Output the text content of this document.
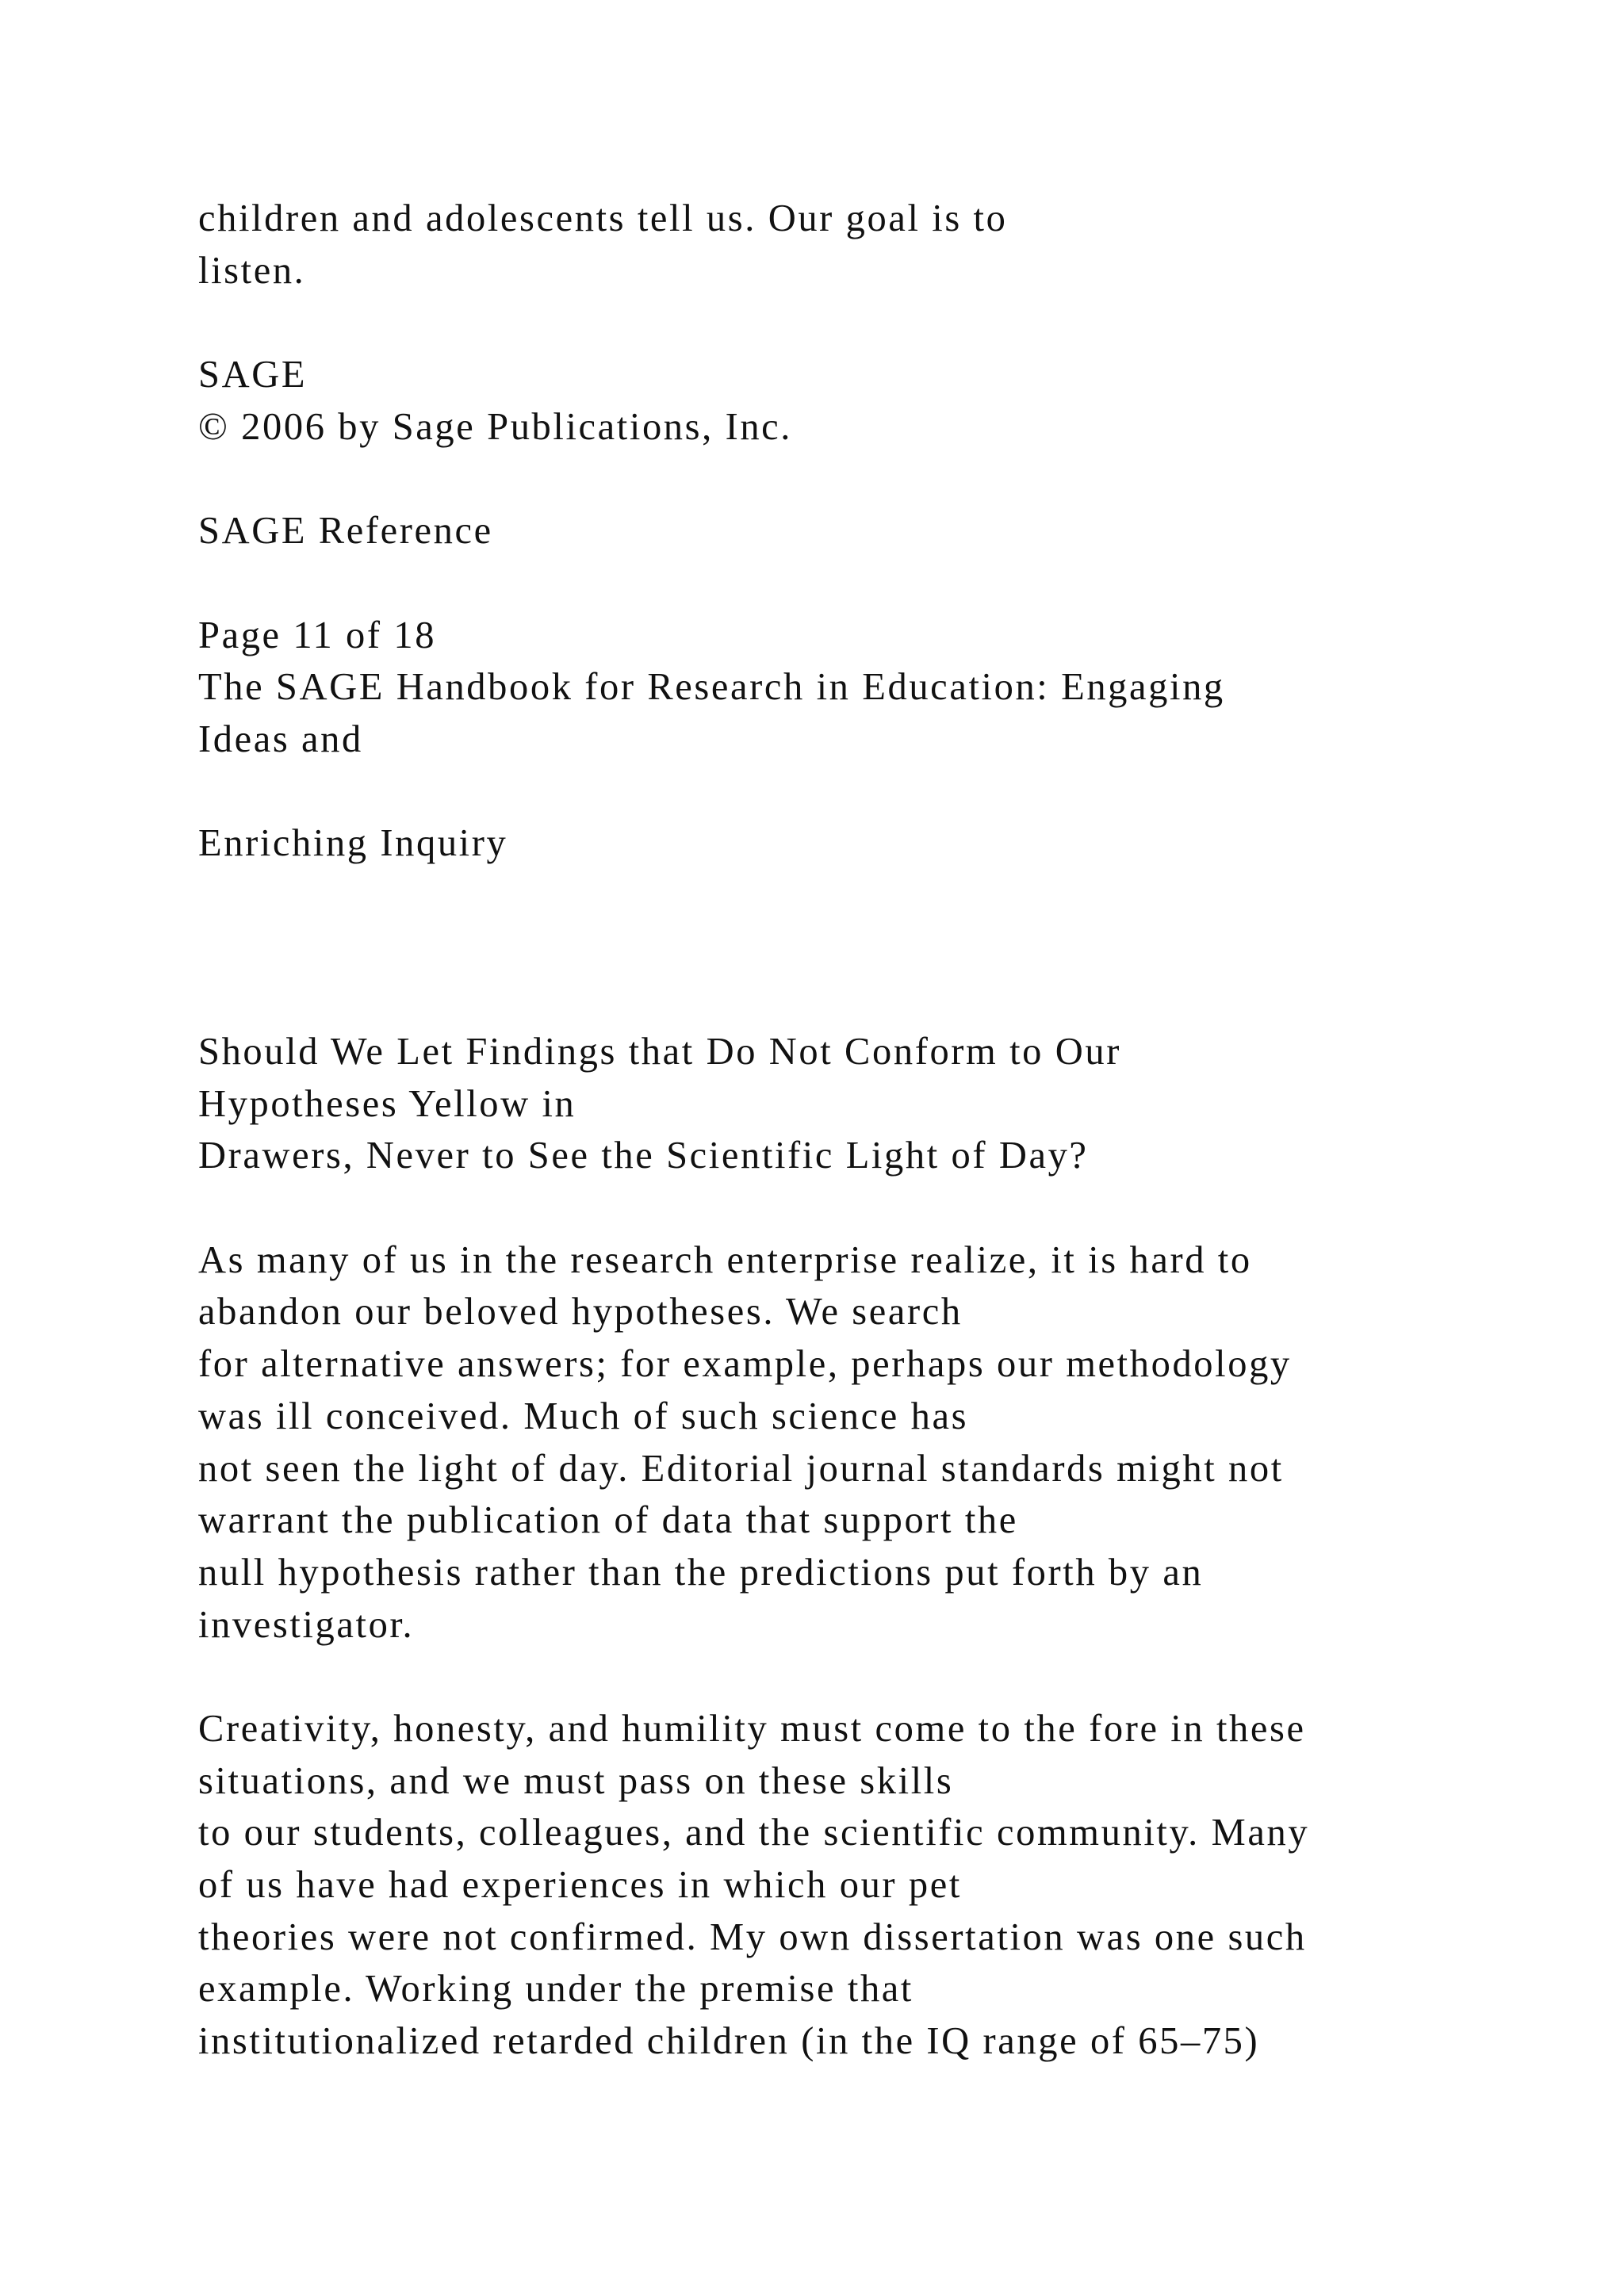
children and adolescents tell us. Our goal is to
listen.
SAGE
© 2006 by Sage Publications, Inc.
SAGE Reference
Page 11 of 18
The SAGE Handbook for Research in Education: Engaging
Ideas and
Enriching Inquiry
Should We Let Findings that Do Not Conform to Our
Hypotheses Yellow in
Drawers, Never to See the Scientific Light of Day?
As many of us in the research enterprise realize, it is hard to
abandon our beloved hypotheses. We search
for alternative answers; for example, perhaps our methodology
was ill conceived. Much of such science has
not seen the light of day. Editorial journal standards might not
warrant the publication of data that support the
null hypothesis rather than the predictions put forth by an
investigator.
Creativity, honesty, and humility must come to the fore in these
situations, and we must pass on these skills
to our students, colleagues, and the scientific community. Many
of us have had experiences in which our pet
theories were not confirmed. My own dissertation was one such
example. Working under the premise that
institutionalized retarded children (in the IQ range of 65–75)
